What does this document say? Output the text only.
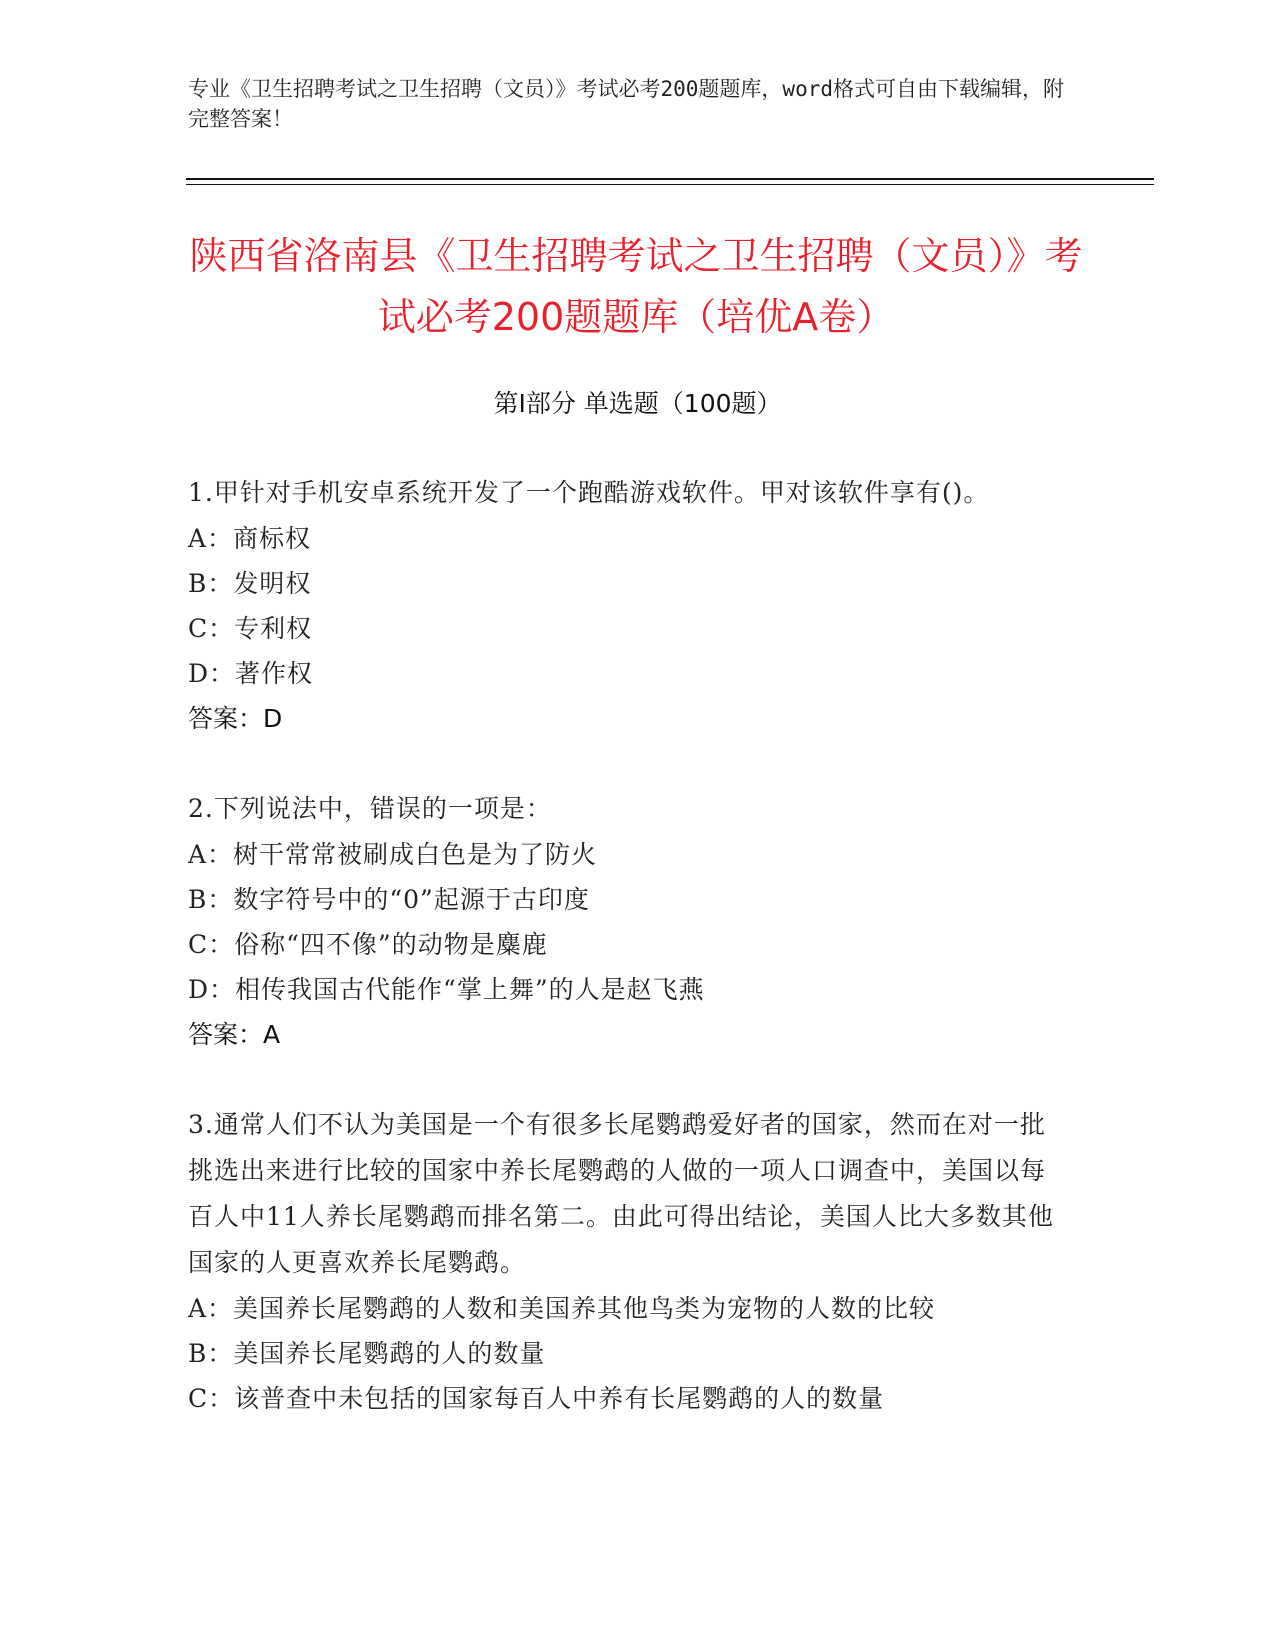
专业《卫生招聘考试之卫生招聘（文员）》考试必考200题题库，word格式可自由下载编辑，附完整答案！
陕西省洛南县《卫生招聘考试之卫生招聘（文员）》考试必考200题题库（培优A卷）
第I部分 单选题（100题）
1.甲针对手机安卓系统开发了一个跑酷游戏软件。甲对该软件享有()。
A：商标权
B：发明权
C：专利权
D：著作权
答案：D
2.下列说法中，错误的一项是：
A：树干常常被刷成白色是为了防火
B：数字符号中的“0”起源于古印度
C：俗称“四不像”的动物是麋鹿
D：相传我国古代能作“掌上舞”的人是赵飞燕
答案：A
3.通常人们不认为美国是一个有很多长尾鹦鹉爱好者的国家，然而在对一批挑选出来进行比较的国家中养长尾鹦鹉的人做的一项人口调查中，美国以每百人中11人养长尾鹦鹉而排名第二。由此可得出结论，美国人比大多数其他国家的人更喜欢养长尾鹦鹉。
A：美国养长尾鹦鹉的人数和美国养其他鸟类为宠物的人数的比较
B：美国养长尾鹦鹉的人的数量
C：该普查中未包括的国家每百人中养有长尾鹦鹉的人的数量
